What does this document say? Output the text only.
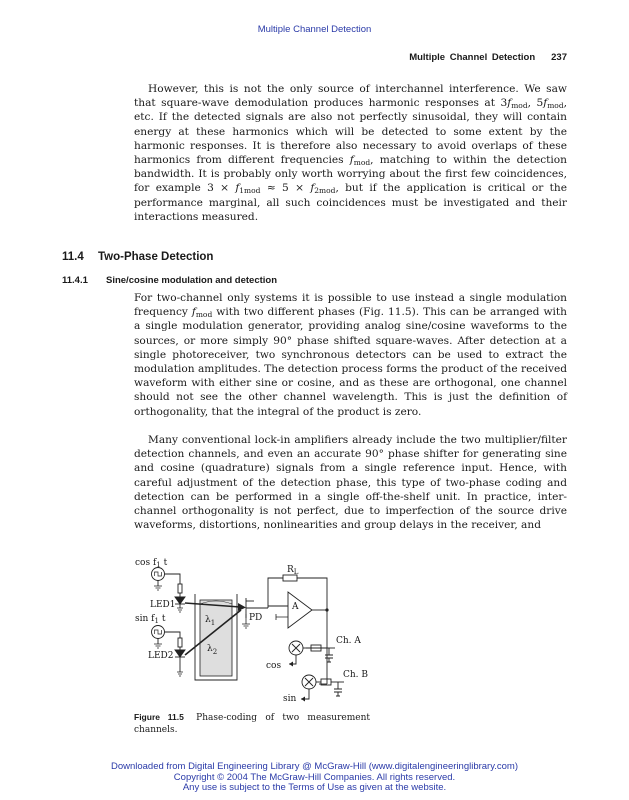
Multiple Channel Detection
Multiple Channel Detection 237
However, this is not the only source of interchannel interference. We saw that square-wave demodulation produces harmonic responses at $3f_{mod}$, $5f_{mod}$, etc. If the detected signals are also not perfectly sinusoidal, they will contain energy at these harmonics which will be detected to some extent by the harmonic responses. It is therefore also necessary to avoid overlaps of these harmonics from different frequencies $f_{mod}$, matching to within the detection bandwidth. It is probably only worth worrying about the first few coincidences, for example $3 \times f_{1mod} \approx 5 \times f_{2mod}$, but if the application is critical or the performance marginal, all such coincidences must be investigated and their interactions measured.
11.4 Two-Phase Detection
11.4.1 Sine/cosine modulation and detection
For two-channel only systems it is possible to use instead a single modulation frequency $f_{mod}$ with two different phases (Fig. 11.5). This can be arranged with a single modulation generator, providing analog sine/cosine waveforms to the sources, or more simply 90° phase shifted square-waves. After detection at a single photoreceiver, two synchronous detectors can be used to extract the modulation amplitudes. The detection process forms the product of the received waveform with either sine or cosine, and as these are orthogonal, one channel should not see the other channel wavelength. This is just the definition of orthogonality, that the integral of the product is zero.
Many conventional lock-in amplifiers already include the two multiplier/filter detection channels, and even an accurate 90° phase shifter for generating sine and cosine (quadrature) signals from a single reference input. Hence, with careful adjustment of the detection phase, this type of two-phase coding and detection can be performed in a single off-the-shelf unit. In practice, inter-channel orthogonality is not perfect, due to imperfection of the source drive waveforms, distortions, nonlinearities and group delays in the receiver, and
$\cos f_1$ t
LED1
$\sin f_1$ t
LED2
$\lambda_1$
$\lambda_2$
PD
$R_L$
A
Ch. A
Ch. B
cos
sin
Figure 11.5 Phase-coding of two measurement channels.
Downloaded from Digital Engineering Library @ McGraw-Hill (www.digitalengineeringlibrary.com)
Copyright © 2004 The McGraw-Hill Companies. All rights reserved.
Any use is subject to the Terms of Use as given at the website.
